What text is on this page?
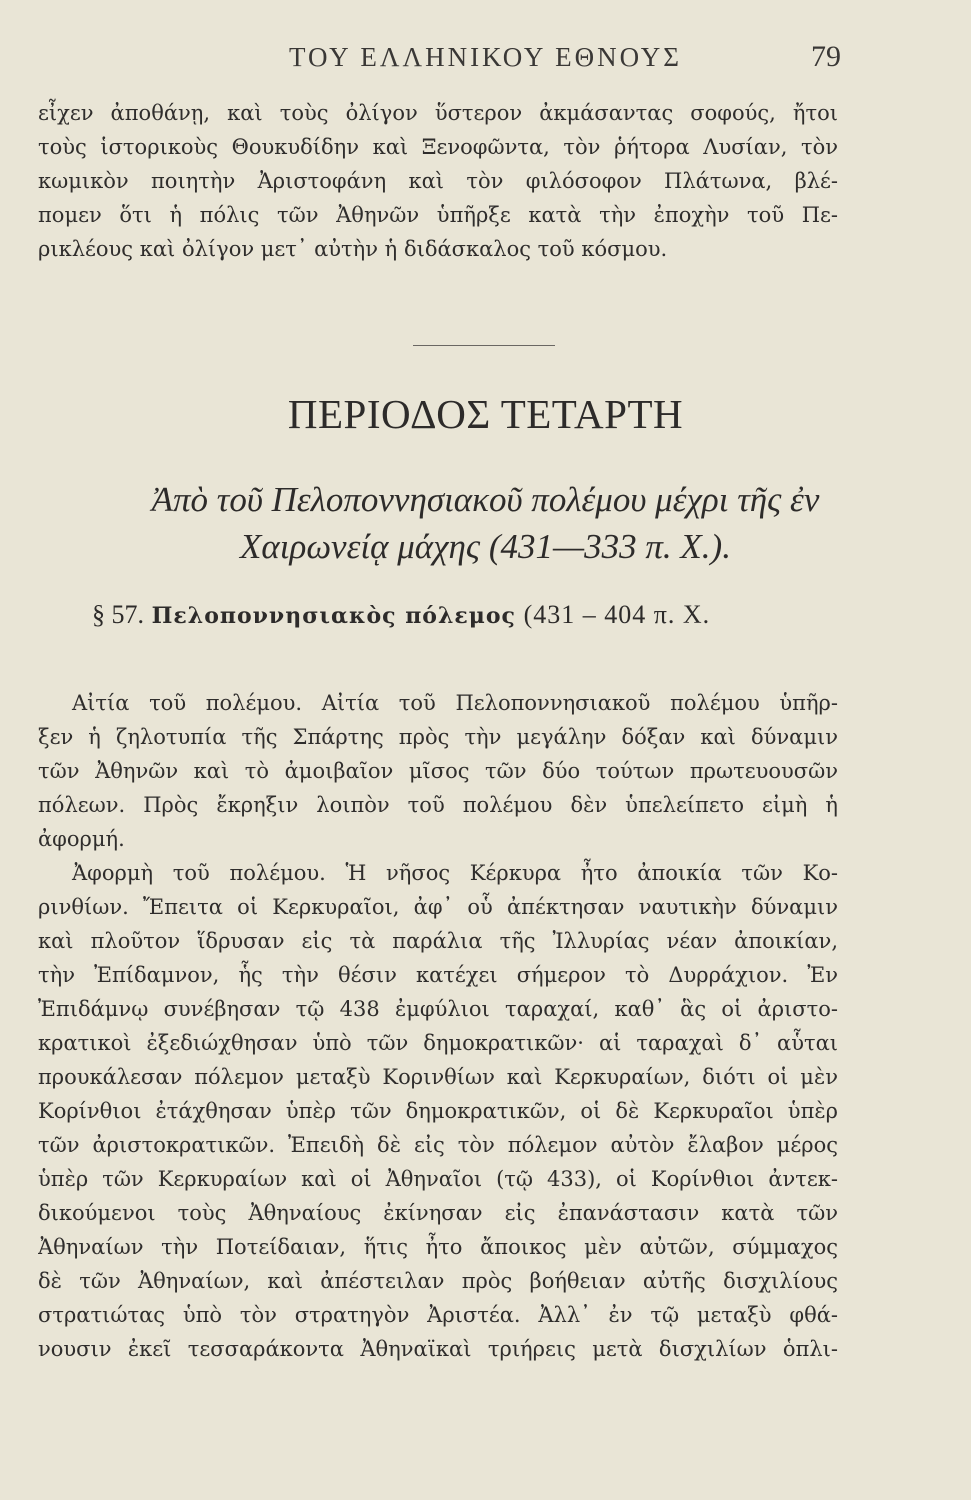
ΤΟΥ ΕΛΛΗΝΙΚΟΥ ΕΘΝΟΥΣ	79
εἶχεν ἀποθάνῃ, καὶ τοὺς ὀλίγον ὕστερον ἀκμάσαντας σοφούς, ἤτοι
τοὺς ἱστορικοὺς Θουκυδίδην καὶ Ξενοφῶντα, τὸν ῥήτορα Λυσίαν, τὸν
κωμικὸν ποιητὴν Ἀριστοφάνη καὶ τὸν φιλόσοφον Πλάτωνα, βλέ-
πομεν ὅτι ἡ πόλις τῶν Ἀθηνῶν ὑπῆρξε κατὰ τὴν ἐποχὴν τοῦ Πε-
ρικλέους καὶ ὀλίγον μετ᾽ αὐτὴν ἡ διδάσκαλος τοῦ κόσμου.
ΠΕΡΙΟΔΟΣ ΤΕΤΑΡΤΗ
Ἀπὸ τοῦ Πελοποννησιακοῦ πολέμου μέχρι τῆς ἐν
Χαιρωνείᾳ μάχης (431—333 π. Χ.).
§ 57. Πελοποννησιακὸς πόλεμος (431 – 404 π. Χ.
Αἰτία τοῦ πολέμου. Αἰτία τοῦ Πελοποννησιακοῦ πολέμου ὑπῆρ-
ξεν ἡ ζηλοτυπία τῆς Σπάρτης πρὸς τὴν μεγάλην δόξαν καὶ δύναμιν
τῶν Ἀθηνῶν καὶ τὸ ἀμοιβαῖον μῖσος τῶν δύο τούτων πρωτευουσῶν
πόλεων. Πρὸς ἔκρηξιν λοιπὸν τοῦ πολέμου δὲν ὑπελείπετο εἰμὴ ἡ
ἀφορμή.
Ἀφορμὴ τοῦ πολέμου. Ἡ νῆσος Κέρκυρα ἦτο ἀποικία τῶν Κο-
ρινθίων. Ἔπειτα οἱ Κερκυραῖοι, ἀφ᾽ οὗ ἀπέκτησαν ναυτικὴν δύναμιν
καὶ πλοῦτον ἵδρυσαν εἰς τὰ παράλια τῆς Ἰλλυρίας νέαν ἀποικίαν,
τὴν Ἐπίδαμνον, ἧς τὴν θέσιν κατέχει σήμερον τὸ Δυρράχιον. Ἐν
Ἐπιδάμνῳ συνέβησαν τῷ 438 ἐμφύλιοι ταραχαί, καθ᾽ ἃς οἱ ἀριστο-
κρατικοὶ ἐξεδιώχθησαν ὑπὸ τῶν δημοκρατικῶν· αἱ ταραχαὶ δ᾽ αὗται
προυκάλεσαν πόλεμον μεταξὺ Κορινθίων καὶ Κερκυραίων, διότι οἱ μὲν
Κορίνθιοι ἐτάχθησαν ὑπὲρ τῶν δημοκρατικῶν, οἱ δὲ Κερκυραῖοι ὑπὲρ
τῶν ἀριστοκρατικῶν. Ἐπειδὴ δὲ εἰς τὸν πόλεμον αὐτὸν ἔλαβον μέρος
ὑπὲρ τῶν Κερκυραίων καὶ οἱ Ἀθηναῖοι (τῷ 433), οἱ Κορίνθιοι ἀντεκ-
δικούμενοι τοὺς Ἀθηναίους ἐκίνησαν εἰς ἐπανάστασιν κατὰ τῶν
Ἀθηναίων τὴν Ποτείδαιαν, ἥτις ἦτο ἄποικος μὲν αὐτῶν, σύμμαχος
δὲ τῶν Ἀθηναίων, καὶ ἀπέστειλαν πρὸς βοήθειαν αὐτῆς δισχιλίους
στρατιώτας ὑπὸ τὸν στρατηγὸν Ἀριστέα. Ἀλλ᾽ ἐν τῷ μεταξὺ φθά-
νουσιν ἐκεῖ τεσσαράκοντα Ἀθηναϊκαὶ τριήρεις μετὰ δισχιλίων ὁπλι-
